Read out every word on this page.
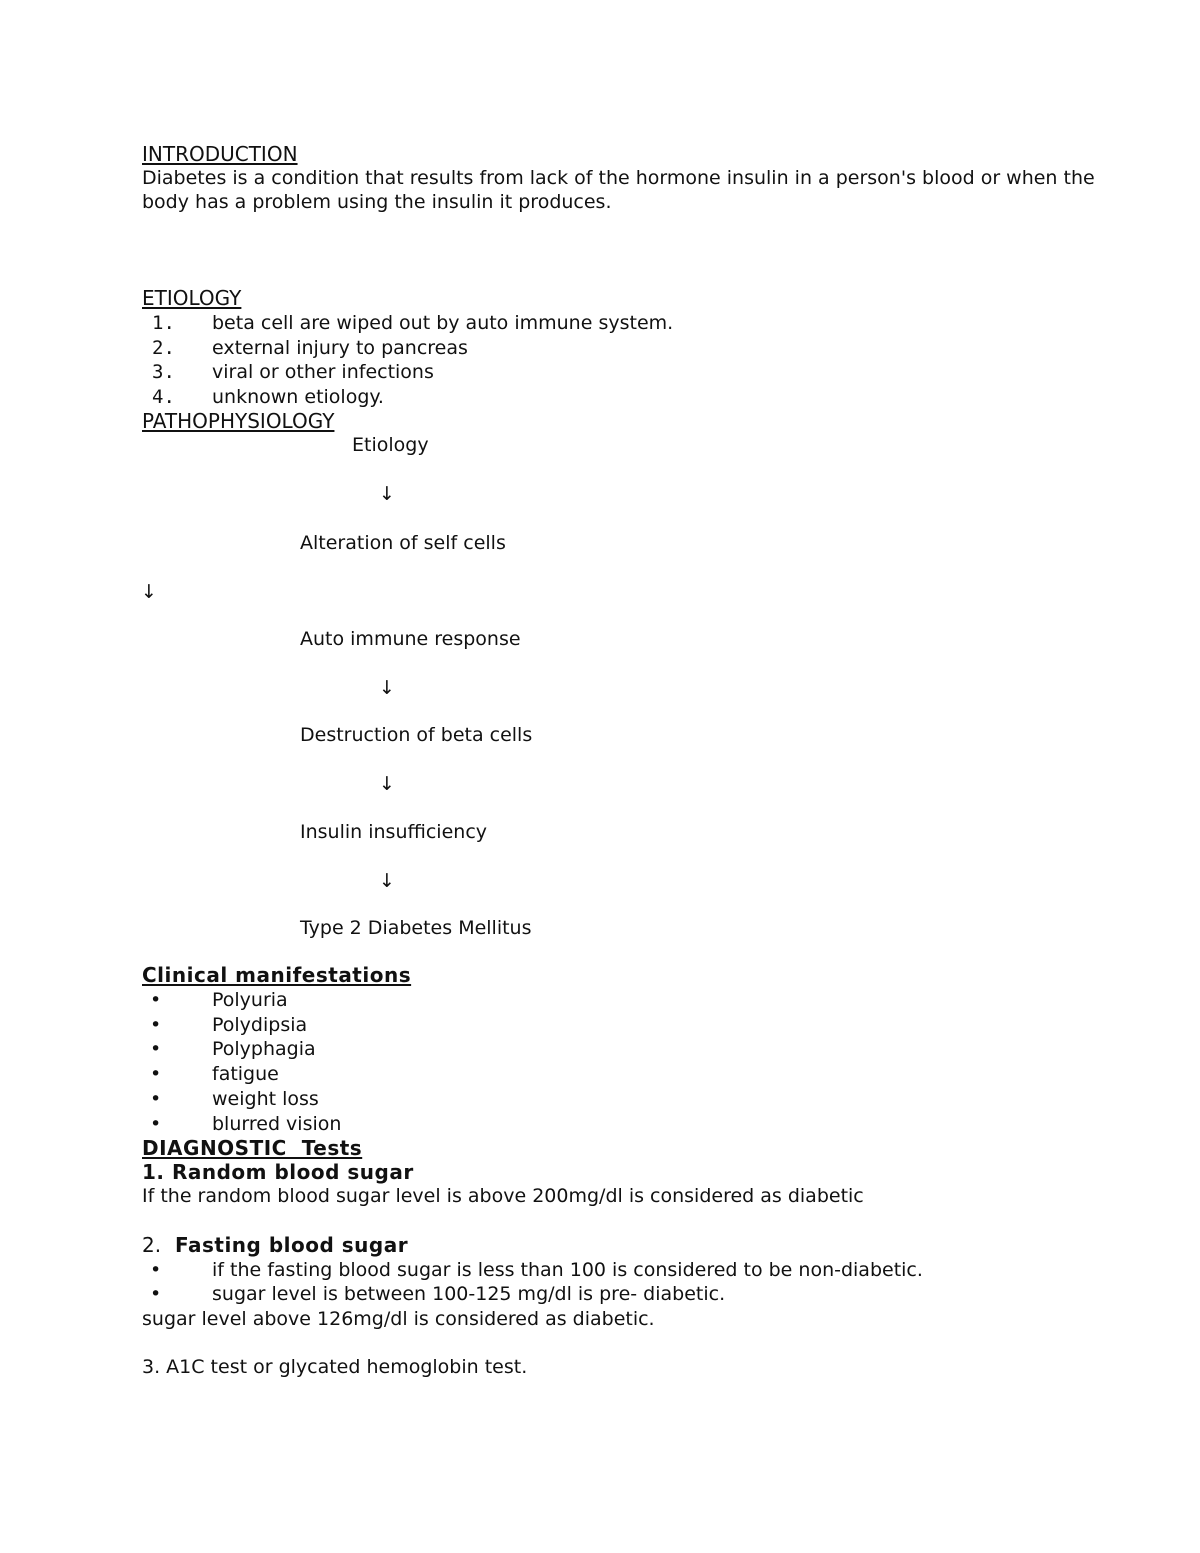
INTRODUCTION
Diabetes is a condition that results from lack of the hormone insulin in a person's blood or when the
body has a problem using the insulin it produces.
ETIOLOGY
1. beta cell are wiped out by auto immune system.
2. external injury to pancreas
3. viral or other infections
4. unknown etiology.
PATHOPHYSIOLOGY
Etiology
↓
Alteration of self cells
↓
Auto immune response
↓
Destruction of beta cells
↓
Insulin insufficiency
↓
Type 2 Diabetes Mellitus
Clinical manifestations
•	Polyuria
•	Polydipsia
•	Polyphagia
•	fatigue
•	weight loss
•	blurred vision
DIAGNOSTIC  Tests
1. Random blood sugar
If the random blood sugar level is above 200mg/dl is considered as diabetic
2. Fasting blood sugar
•	if the fasting blood sugar is less than 100 is considered to be non-diabetic.
•	sugar level is between 100-125 mg/dl is pre- diabetic.
sugar level above 126mg/dl is considered as diabetic.
3. A1C test or glycated hemoglobin test.
